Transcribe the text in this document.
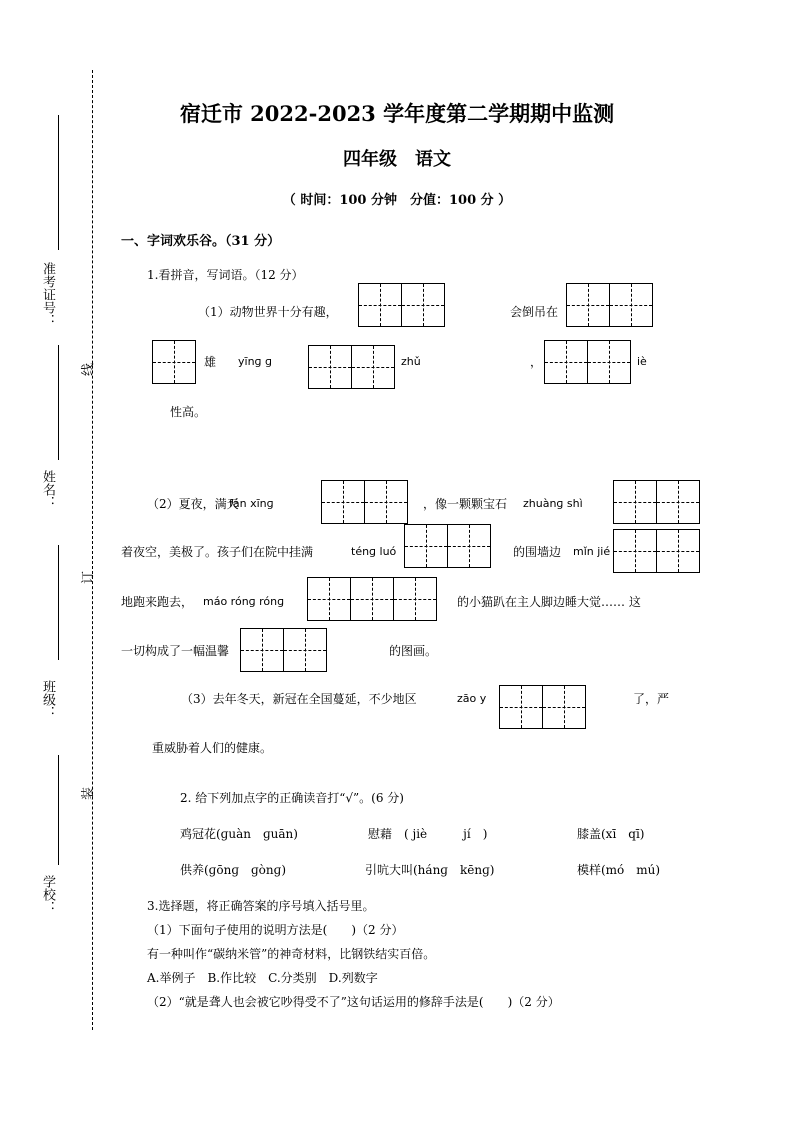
准考证号：
姓名：
班级：
学校：
线
订
装
宿迁市 2022-2023 学年度第二学期期中监测
四年级　语文
（ 时间：100 分钟　分值：100 分 ）
一、字词欢乐谷。（31 分）
1.看拼音，写词语。（12 分）
（1）动物世界十分有趣，	会倒吊在
雄 yīnɡ ɡ	zhǔ	，	iè
性高。
（2）夏夜，满天
fán xīnɡ	，像一颗颗宝石 zhuànɡ shì
着夜空，美极了。孩子们在院中挂满	ténɡ luó	的围墙边 mǐn jié
地跑来跑去， máo rónɡ rónɡ	的小猫趴在主人脚边睡大觉…… 这
一切构成了一幅温馨	的图画。
（3）去年冬天，新冠在全国蔓延，不少地区	zāo y	了，严
重威胁着人们的健康。
2. 给下列加点字的正确读音打“√”。(6 分)
鸡冠花(ɡuàn　ɡuān)	慰藉　( jiè　　　jí　)	膝盖(xī　qī)
供养(ɡōnɡ　ɡònɡ)	引吭大叫(hánɡ　kēnɡ)	模样(mó　mú)
3.选择题，将正确答案的序号填入括号里。
（1）下面句子使用的说明方法是(　　)（2 分）
有一种叫作“碳纳米管”的神奇材料，比钢铁结实百倍。
A.举例子　B.作比较　C.分类别　D.列数字
（2）“就是聋人也会被它吵得受不了”这句话运用的修辞手法是(　　)（2 分）
